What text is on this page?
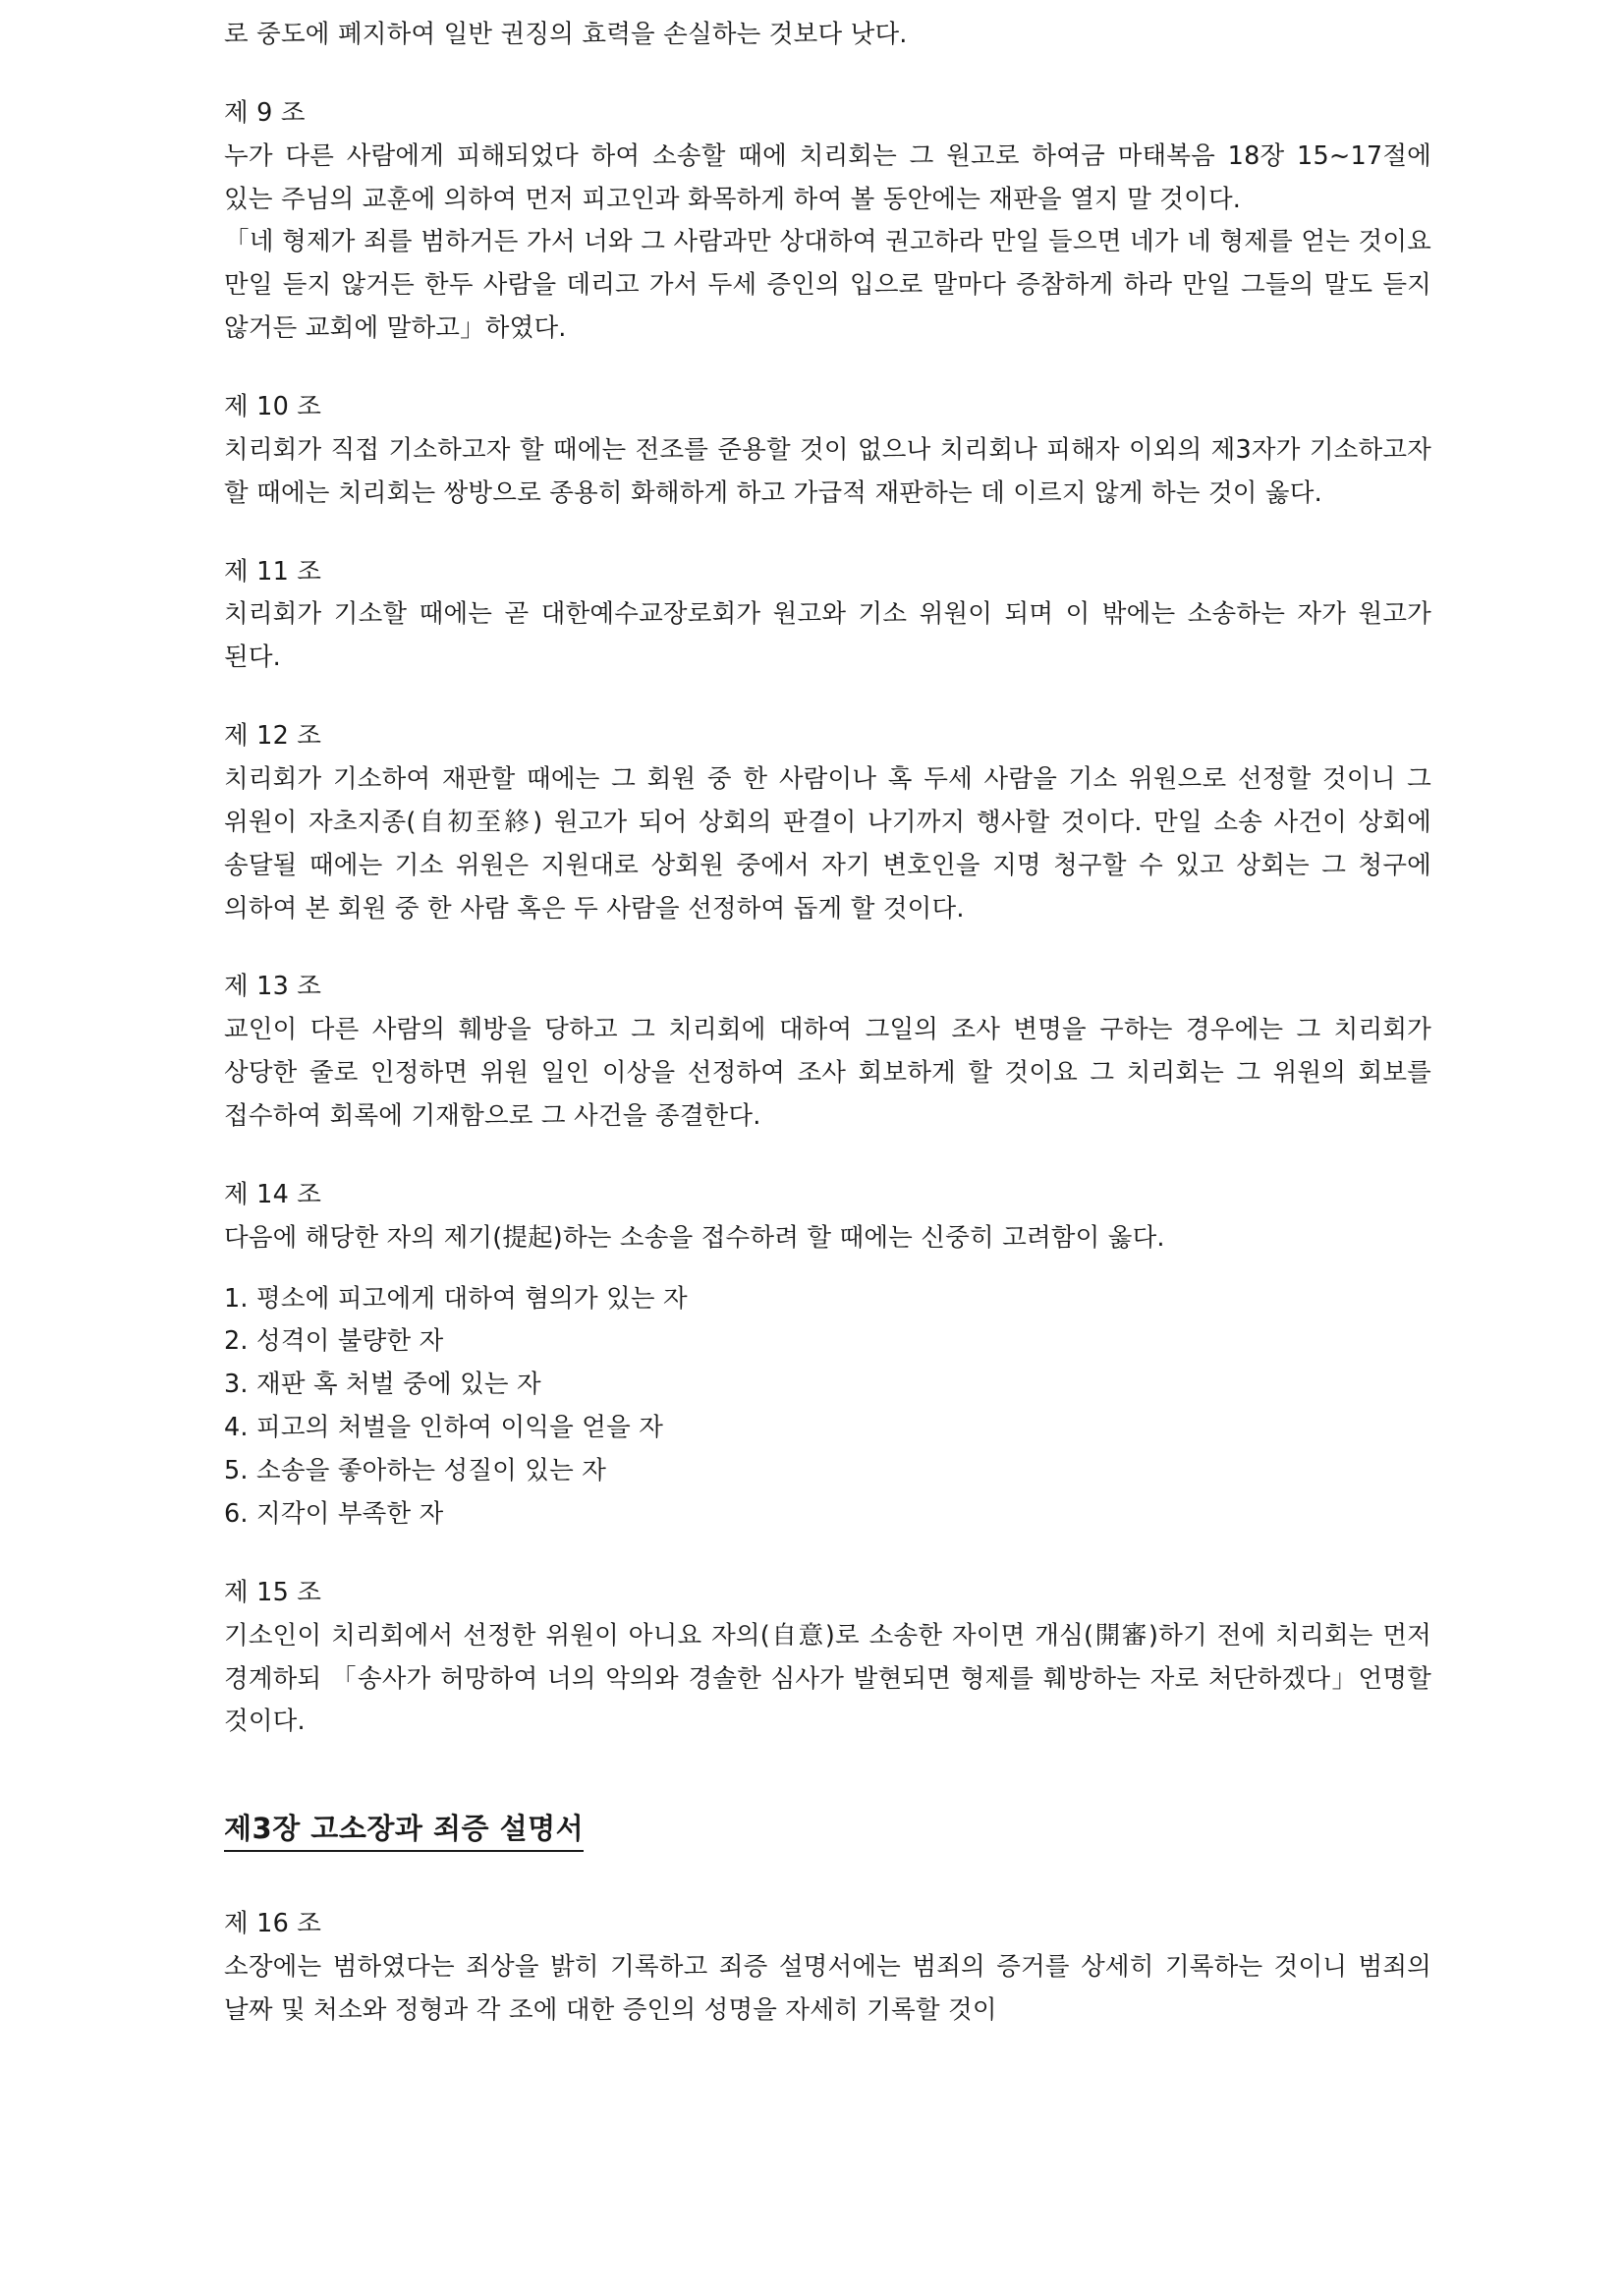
로 중도에 폐지하여 일반 권징의 효력을 손실하는 것보다 낫다.

제 9 조

누가 다른 사람에게 피해되었다 하여 소송할 때에 치리회는 그 원고로 하여금 마태복음 18장 15~17절에 있는 주님의 교훈에 의하여 먼저 피고인과 화목하게 하여 볼 동안에는 재판을 열지 말 것이다.

「네 형제가 죄를 범하거든 가서 너와 그 사람과만 상대하여 권고하라 만일 들으면 네가 네 형제를 얻는 것이요 만일 듣지 않거든 한두 사람을 데리고 가서 두세 증인의 입으로 말마다 증참하게 하라 만일 그들의 말도 듣지 않거든 교회에 말하고」하였다.

제 10 조

치리회가 직접 기소하고자 할 때에는 전조를 준용할 것이 없으나 치리회나 피해자 이외의 제3자가 기소하고자 할 때에는 치리회는 쌍방으로 종용히 화해하게 하고 가급적 재판하는 데 이르지 않게 하는 것이 옳다.

제 11 조

치리회가 기소할 때에는 곧 대한예수교장로회가 원고와 기소 위원이 되며 이 밖에는 소송하는 자가 원고가 된다.

제 12 조

치리회가 기소하여 재판할 때에는 그 회원 중 한 사람이나 혹 두세 사람을 기소 위원으로 선정할 것이니 그 위원이 자초지종(自初至終) 원고가 되어 상회의 판결이 나기까지 행사할 것이다. 만일 소송 사건이 상회에 송달될 때에는 기소 위원은 지원대로 상회원 중에서 자기 변호인을 지명 청구할 수 있고 상회는 그 청구에 의하여 본 회원 중 한 사람 혹은 두 사람을 선정하여 돕게 할 것이다.

제 13 조

교인이 다른 사람의 훼방을 당하고 그 치리회에 대하여 그일의 조사 변명을 구하는 경우에는 그 치리회가 상당한 줄로 인정하면 위원 일인 이상을 선정하여 조사 회보하게 할 것이요 그 치리회는 그 위원의 회보를 접수하여 회록에 기재함으로 그 사건을 종결한다.

제 14 조

다음에 해당한 자의 제기(提起)하는 소송을 접수하려 할 때에는 신중히 고려함이 옳다.

1. 평소에 피고에게 대하여 혐의가 있는 자
2. 성격이 불량한 자
3. 재판 혹 처벌 중에 있는 자
4. 피고의 처벌을 인하여 이익을 얻을 자
5. 소송을 좋아하는 성질이 있는 자
6. 지각이 부족한 자

제 15 조

기소인이 치리회에서 선정한 위원이 아니요 자의(自意)로 소송한 자이면 개심(開審)하기 전에 치리회는 먼저 경계하되 「송사가 허망하여 너의 악의와 경솔한 심사가 발현되면 형제를 훼방하는 자로 처단하겠다」언명할 것이다.

제3장 고소장과 죄증 설명서

제 16 조

소장에는 범하였다는 죄상을 밝히 기록하고 죄증 설명서에는 범죄의 증거를 상세히 기록하는 것이니 범죄의 날짜 및 처소와 정형과 각 조에 대한 증인의 성명을 자세히 기록할 것이
